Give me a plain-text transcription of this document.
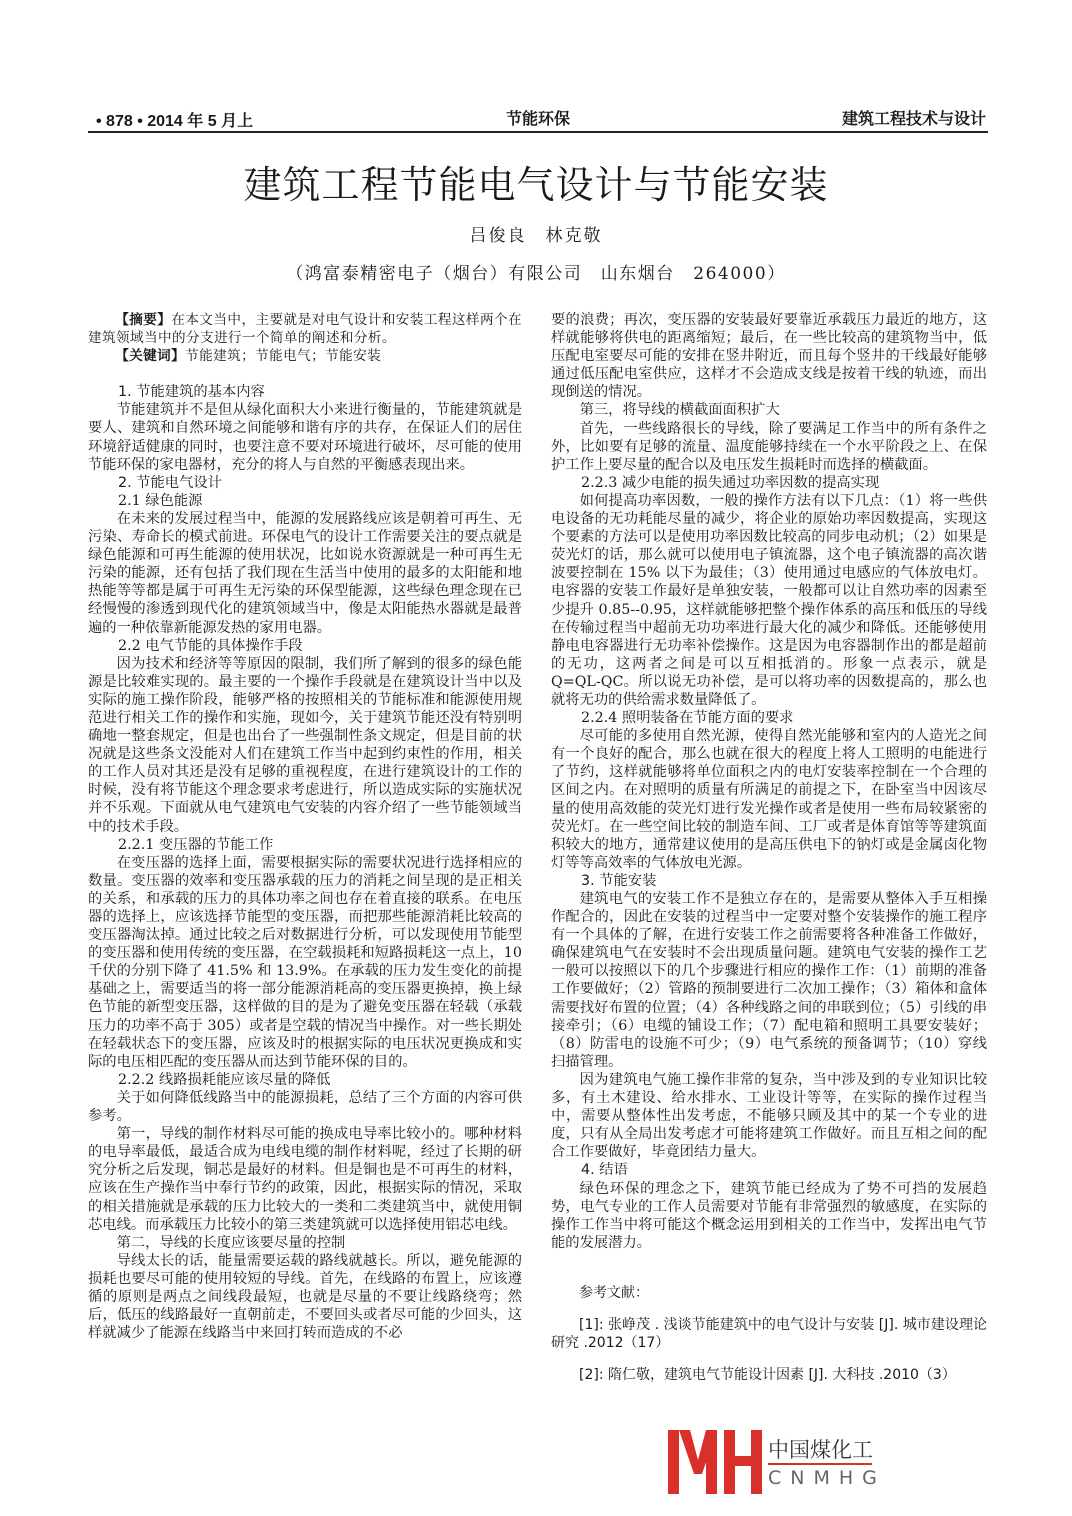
• 878 • 2014 年 5 月上	节能环保	建筑工程技术与设计
建筑工程节能电气设计与节能安装
吕俊良　林克敬
（鸿富泰精密电子（烟台）有限公司　山东烟台　264000）

【摘要】在本文当中，主要就是对电气设计和安装工程这样两个在建筑领域当中的分支进行一个简单的阐述和分析。

【关键词】节能建筑；节能电气；节能安装

1. 节能建筑的基本内容

节能建筑并不是但从绿化面积大小来进行衡量的，节能建筑就是要人、建筑和自然环境之间能够和谐有序的共存，在保证人们的居住环境舒适健康的同时，也要注意不要对环境进行破坏，尽可能的使用节能环保的家电器材，充分的将人与自然的平衡感表现出来。

2. 节能电气设计

2.1 绿色能源

在未来的发展过程当中，能源的发展路线应该是朝着可再生、无污染、寿命长的模式前进。环保电气的设计工作需要关注的要点就是绿色能源和可再生能源的使用状况，比如说水资源就是一种可再生无污染的能源，还有包括了我们现在生活当中使用的最多的太阳能和地热能等等都是属于可再生无污染的环保型能源，这些绿色理念现在已经慢慢的渗透到现代化的建筑领域当中，像是太阳能热水器就是最普遍的一种依靠新能源发热的家用电器。

2.2 电气节能的具体操作手段

因为技术和经济等等原因的限制，我们所了解到的很多的绿色能源是比较难实现的。最主要的一个操作手段就是在建筑设计当中以及实际的施工操作阶段，能够严格的按照相关的节能标准和能源使用规范进行相关工作的操作和实施，现如今，关于建筑节能还没有特别明确地一整套规定，但是也出台了一些强制性条文规定，但是目前的状况就是这些条文没能对人们在建筑工作当中起到约束性的作用，相关的工作人员对其还是没有足够的重视程度，在进行建筑设计的工作的时候，没有将节能这个理念要求考虑进行，所以造成实际的实施状况并不乐观。下面就从电气建筑电气安装的内容介绍了一些节能领域当中的技术手段。

2.2.1 变压器的节能工作

在变压器的选择上面，需要根据实际的需要状况进行选择相应的数量。变压器的效率和变压器承载的压力的消耗之间呈现的是正相关的关系，和承载的压力的具体功率之间也存在着直接的联系。在电压器的选择上，应该选择节能型的变压器，而把那些能源消耗比较高的变压器淘汰掉。通过比较之后对数据进行分析，可以发现使用节能型的变压器和使用传统的变压器，在空载损耗和短路损耗这一点上，10 千伏的分别下降了 41.5% 和 13.9%。在承载的压力发生变化的前提基础之上，需要适当的将一部分能源消耗高的变压器更换掉，换上绿色节能的新型变压器，这样做的目的是为了避免变压器在轻载（承载压力的功率不高于 305）或者是空载的情况当中操作。对一些长期处在轻载状态下的变压器，应该及时的根据实际的电压状况更换成和实际的电压相匹配的变压器从而达到节能环保的目的。

2.2.2 线路损耗能应该尽量的降低

关于如何降低线路当中的能源损耗，总结了三个方面的内容可供参考。

第一，导线的制作材料尽可能的换成电导率比较小的。哪种材料的电导率最低，最适合成为电线电缆的制作材料呢，经过了长期的研究分析之后发现，铜芯是最好的材料。但是铜也是不可再生的材料，应该在生产操作当中奉行节约的政策，因此，根据实际的情况，采取的相关措施就是承载的压力比较大的一类和二类建筑当中，就使用铜芯电线。而承载压力比较小的第三类建筑就可以选择使用铝芯电线。

第二，导线的长度应该要尽量的控制

导线太长的话，能量需要运载的路线就越长。所以，避免能源的损耗也要尽可能的使用较短的导线。首先，在线路的布置上，应该遵循的原则是两点之间线段最短，也就是尽量的不要让线路绕弯；然后，低压的线路最好一直朝前走，不要回头或者尽可能的少回头，这样就减少了能源在线路当中来回打转而造成的不必

要的浪费；再次，变压器的安装最好要靠近承载压力最近的地方，这样就能够将供电的距离缩短；最后，在一些比较高的建筑物当中，低压配电室要尽可能的安排在竖井附近，而且每个竖井的干线最好能够通过低压配电室供应，这样才不会造成支线是按着干线的轨迹，而出现倒送的情况。

第三，将导线的横截面面积扩大

首先，一些线路很长的导线，除了要满足工作当中的所有条件之外，比如要有足够的流量、温度能够持续在一个水平阶段之上、在保护工作上要尽量的配合以及电压发生损耗时而选择的横截面。

2.2.3 减少电能的损失通过功率因数的提高实现

如何提高功率因数，一般的操作方法有以下几点：（1）将一些供电设备的无功耗能尽量的减少，将企业的原始功率因数提高，实现这个要素的方法可以是使用功率因数比较高的同步电动机；（2）如果是荧光灯的话，那么就可以使用电子镇流器，这个电子镇流器的高次谐波要控制在 15% 以下为最佳；（3）使用通过电感应的气体放电灯。电容器的安装工作最好是单独安装，一般都可以让自然功率的因素至少提升 0.85--0.95，这样就能够把整个操作体系的高压和低压的导线在传输过程当中超前无功功率进行最大化的减少和降低。还能够使用静电电容器进行无功率补偿操作。这是因为电容器制作出的都是超前的无功，这两者之间是可以互相抵消的。形象一点表示，就是 Q=QL-QC。所以说无功补偿，是可以将功率的因数提高的，那么也就将无功的供给需求数量降低了。

2.2.4 照明装备在节能方面的要求

尽可能的多使用自然光源，使得自然光能够和室内的人造光之间有一个良好的配合，那么也就在很大的程度上将人工照明的电能进行了节约，这样就能够将单位面积之内的电灯安装率控制在一个合理的区间之内。在对照明的质量有所满足的前提之下，在卧室当中因该尽量的使用高效能的荧光灯进行发光操作或者是使用一些布局较紧密的荧光灯。在一些空间比较的制造车间、工厂或者是体育馆等等建筑面积较大的地方，通常建议使用的是高压供电下的钠灯或是金属卤化物灯等等高效率的气体放电光源。

3. 节能安装

建筑电气的安装工作不是独立存在的，是需要从整体入手互相操作配合的，因此在安装的过程当中一定要对整个安装操作的施工程序有一个具体的了解，在进行安装工作之前需要将各种准备工作做好，确保建筑电气在安装时不会出现质量问题。建筑电气安装的操作工艺一般可以按照以下的几个步骤进行相应的操作工作：（1）前期的准备工作要做好；（2）管路的预制要进行二次加工操作；（3）箱体和盒体需要找好布置的位置；（4）各种线路之间的串联到位；（5）引线的串接牵引；（6）电缆的铺设工作；（7）配电箱和照明工具要安装好；（8）防雷电的设施不可少；（9）电气系统的预备调节；（10）穿线扫描管理。

因为建筑电气施工操作非常的复杂，当中涉及到的专业知识比较多，有土木建设、给水排水、工业设计等等，在实际的操作过程当中，需要从整体性出发考虑，不能够只顾及其中的某一个专业的进度，只有从全局出发考虑才可能将建筑工作做好。而且互相之间的配合工作要做好，毕竟团结力量大。

4. 结语

绿色环保的理念之下，建筑节能已经成为了势不可挡的发展趋势，电气专业的工作人员需要对节能有非常强烈的敏感度，在实际的操作工作当中将可能这个概念运用到相关的工作当中，发挥出电气节能的发展潜力。

参考文献：

[1]: 张峥茂 . 浅谈节能建筑中的电气设计与安装 [J]. 城市建设理论研究 .2012（17）

[2]: 隋仁敬，建筑电气节能设计因素 [J]. 大科技 .2010（3）

中国煤化工
CNMHG
